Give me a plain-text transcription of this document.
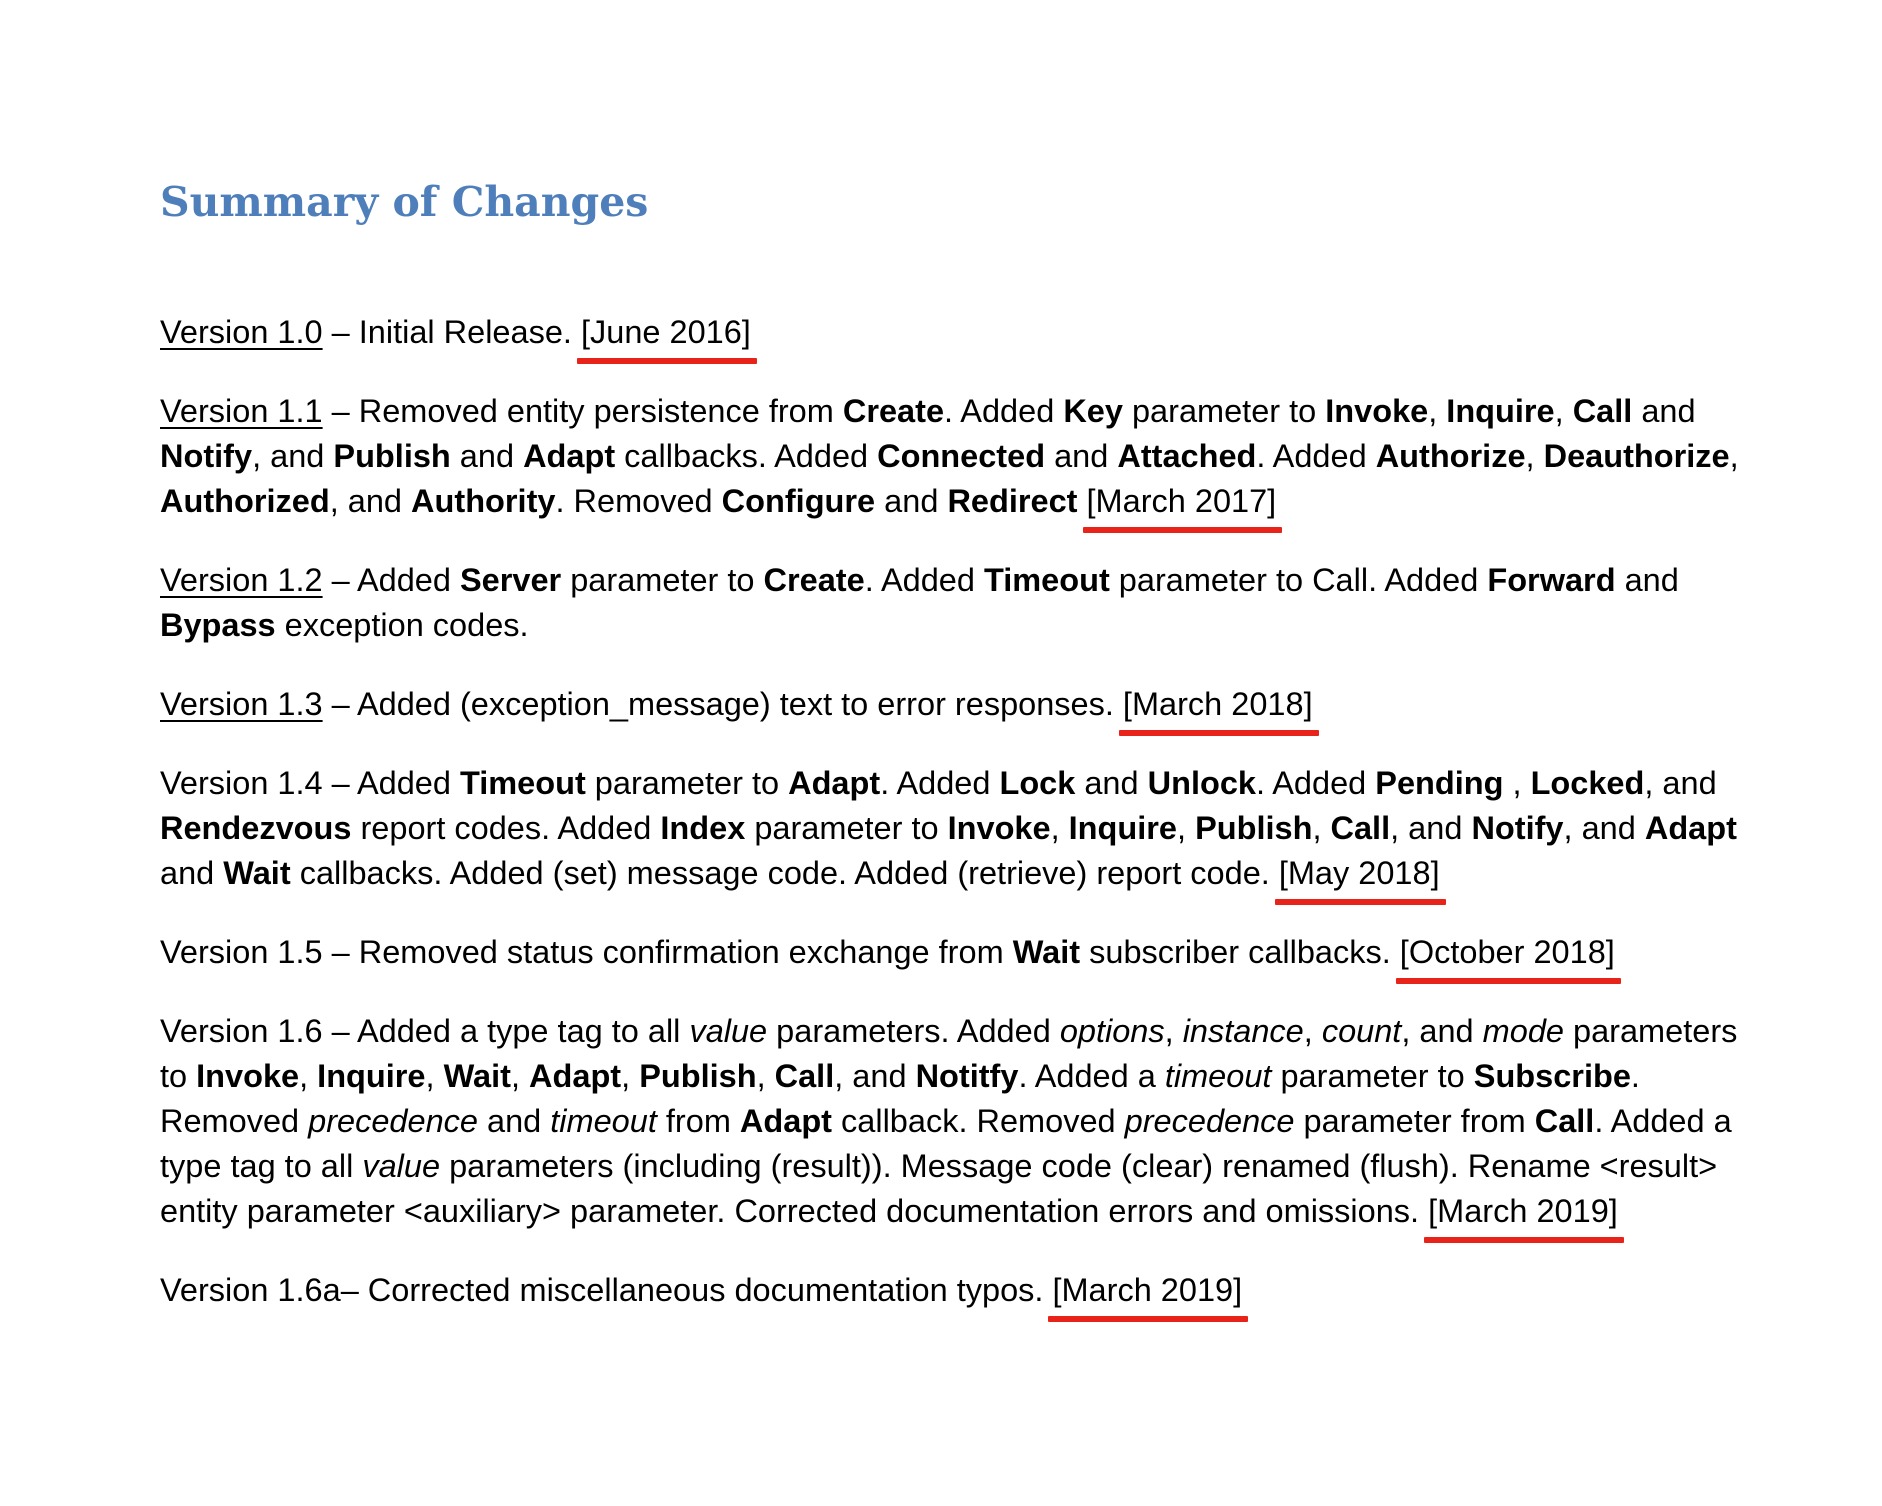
Summary of Changes

Version 1.0 – Initial Release. [June 2016]

Version 1.1 – Removed entity persistence from Create. Added Key parameter to Invoke, Inquire, Call and Notify, and Publish and Adapt callbacks. Added Connected and Attached. Added Authorize, Deauthorize, Authorized, and Authority. Removed Configure and Redirect [March 2017]

Version 1.2 – Added Server parameter to Create. Added Timeout parameter to Call. Added Forward and Bypass exception codes.

Version 1.3 – Added (exception_message) text to error responses. [March 2018]

Version 1.4 – Added Timeout parameter to Adapt. Added Lock and Unlock. Added Pending , Locked, and Rendezvous report codes. Added Index parameter to Invoke, Inquire, Publish, Call, and Notify, and Adapt and Wait callbacks. Added (set) message code. Added (retrieve) report code. [May 2018]

Version 1.5 – Removed status confirmation exchange from Wait subscriber callbacks. [October 2018]

Version 1.6 – Added a type tag to all value parameters. Added options, instance, count, and mode parameters to Invoke, Inquire, Wait, Adapt, Publish, Call, and Notitfy. Added a timeout parameter to Subscribe. Removed precedence and timeout from Adapt callback. Removed precedence parameter from Call. Added a type tag to all value parameters (including (result)). Message code (clear) renamed (flush). Rename <result> entity parameter <auxiliary> parameter. Corrected documentation errors and omissions. [March 2019]

Version 1.6a– Corrected miscellaneous documentation typos. [March 2019]
